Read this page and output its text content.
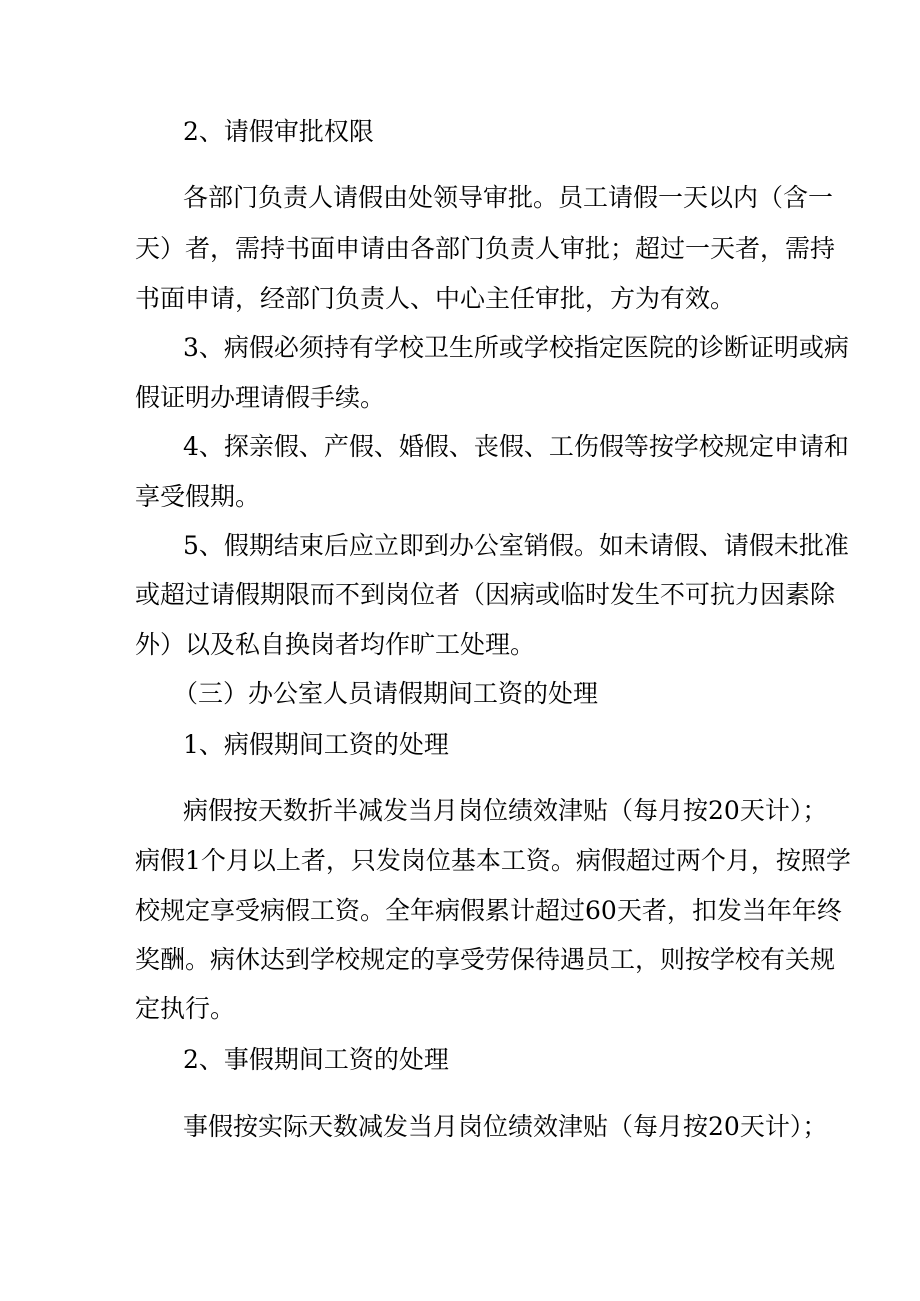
2、请假审批权限
各部门负责人请假由处领导审批。员工请假一天以内（含一
天）者，需持书面申请由各部门负责人审批；超过一天者，需持
书面申请，经部门负责人、中心主任审批，方为有效。
3、病假必须持有学校卫生所或学校指定医院的诊断证明或病
假证明办理请假手续。
4、探亲假、产假、婚假、丧假、工伤假等按学校规定申请和
享受假期。
5、假期结束后应立即到办公室销假。如未请假、请假未批准
或超过请假期限而不到岗位者（因病或临时发生不可抗力因素除
外）以及私自换岗者均作旷工处理。
（三）办公室人员请假期间工资的处理
1、病假期间工资的处理
病假按天数折半减发当月岗位绩效津贴（每月按20天计）；
病假1个月以上者，只发岗位基本工资。病假超过两个月，按照学
校规定享受病假工资。全年病假累计超过60天者，扣发当年年终
奖酬。病休达到学校规定的享受劳保待遇员工，则按学校有关规
定执行。
2、事假期间工资的处理
事假按实际天数减发当月岗位绩效津贴（每月按20天计）；
